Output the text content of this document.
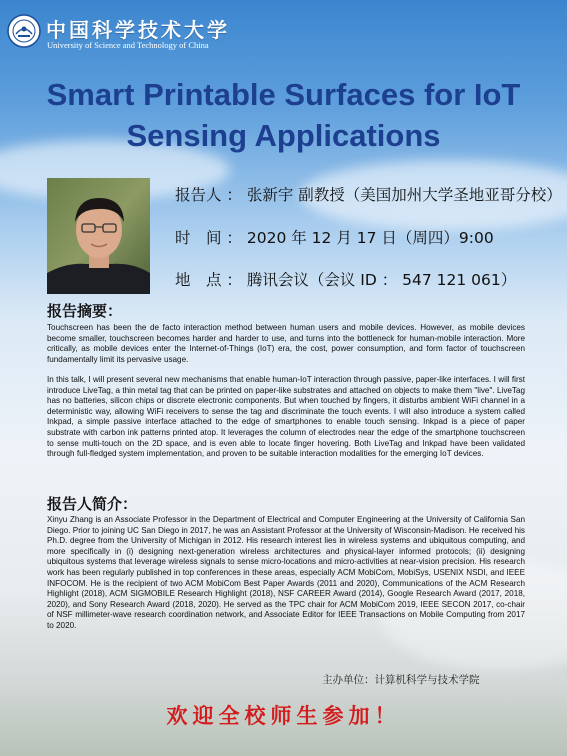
中国科学技术大学
University of Science and Technology of China
Smart Printable Surfaces for IoT
Sensing Applications
报告人 ： 张新宇 副教授（美国加州大学圣地亚哥分校）
时　间 ： 2020 年 12 月 17 日（周四）9:00
地　点 ： 腾讯会议（会议 ID ： 547 121 061）
报告摘要：

Touchscreen has been the de facto interaction method between human users and mobile devices. However, as mobile devices become smaller, touchscreen becomes harder and harder to use, and turns into the bottleneck for human-mobile interaction. More critically, as mobile devices enter the Internet-of-Things (IoT) era, the cost, power consumption, and form factor of touchscreen fundamentally limit its pervasive usage.

In this talk, I will present several new mechanisms that enable human-IoT interaction through passive, paper-like interfaces. I will first introduce LiveTag, a thin metal tag that can be printed on paper-like substrates and attached on objects to make them "live". LiveTag has no batteries, silicon chips or discrete electronic components. But when touched by fingers, it disturbs ambient WiFi channel in a deterministic way, allowing WiFi receivers to sense the tag and discriminate the touch events. I will also introduce a system called Inkpad, a simple passive interface attached to the edge of smartphones to enable touch sensing. Inkpad is a piece of paper substrate with carbon ink patterns printed atop. It leverages the column of electrodes near the edge of the smartphone touchscreen to sense multi-touch on the 2D space, and is even able to locate finger hovering. Both LiveTag and Inkpad have been validated through full-fledged system implementation, and proven to be suitable interaction modalities for the emerging IoT devices.

报告人简介：

Xinyu Zhang is an Associate Professor in the Department of Electrical and Computer Engineering at the University of California San Diego. Prior to joining UC San Diego in 2017, he was an Assistant Professor at the University of Wisconsin-Madison. He received his Ph.D. degree from the University of Michigan in 2012. His research interest lies in wireless systems and ubiquitous computing, and more specifically in (i) designing next-generation wireless architectures and physical-layer informed protocols; (ii) designing ubiquitous systems that leverage wireless signals to sense micro-locations and micro-activities at near-vision precision. His research work has been regularly published in top conferences in these areas, especially ACM MobiCom, MobiSys, USENIX NSDI, and IEEE INFOCOM. He is the recipient of two ACM MobiCom Best Paper Awards (2011 and 2020), Communications of the ACM Research Highlight (2018), ACM SIGMOBILE Research Highlight (2018), NSF CAREER Award (2014), Google Research Award (2017, 2018, 2020), and Sony Research Award (2018, 2020). He served as the TPC chair for ACM MobiCom 2019, IEEE SECON 2017, co-chair of NSF millimeter-wave research coordination network, and Associate Editor for IEEE Transactions on Mobile Computing from 2017 to 2020.

主办单位：计算机科学与技术学院
欢迎全校师生参加！
